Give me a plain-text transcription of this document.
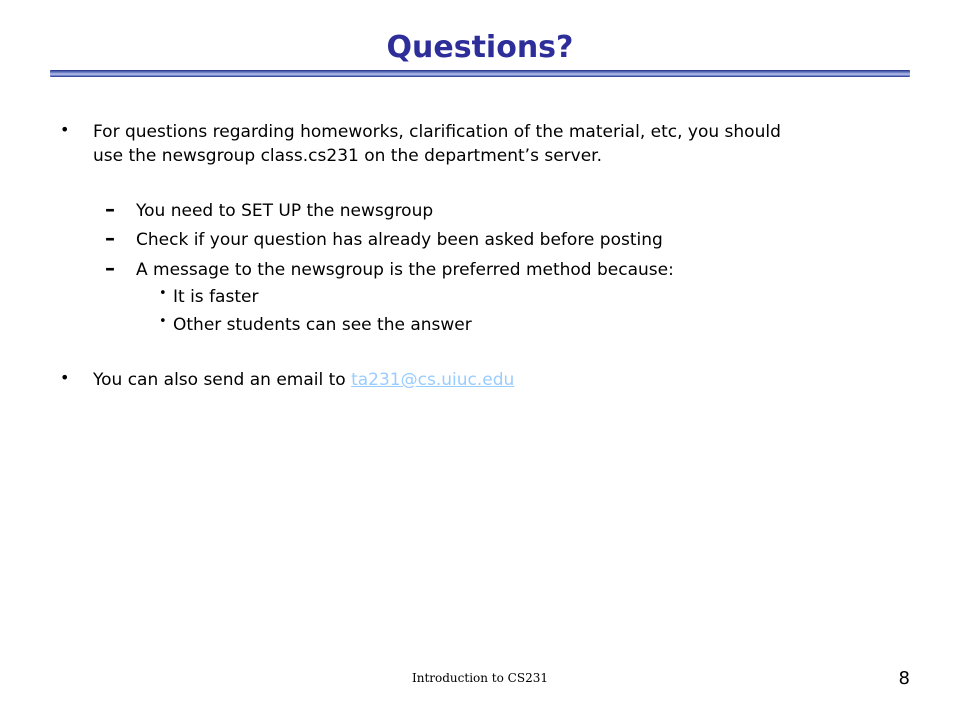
Questions?
• For questions regarding homeworks, clarification of the material, etc, you should
use the newsgroup class.cs231 on the department’s server.
– You need to SET UP the newsgroup
– Check if your question has already been asked before posting
– A message to the newsgroup is the preferred method because:
• It is faster
• Other students can see the answer
• You can also send an email to ta231@cs.uiuc.edu
Introduction to CS231	8
